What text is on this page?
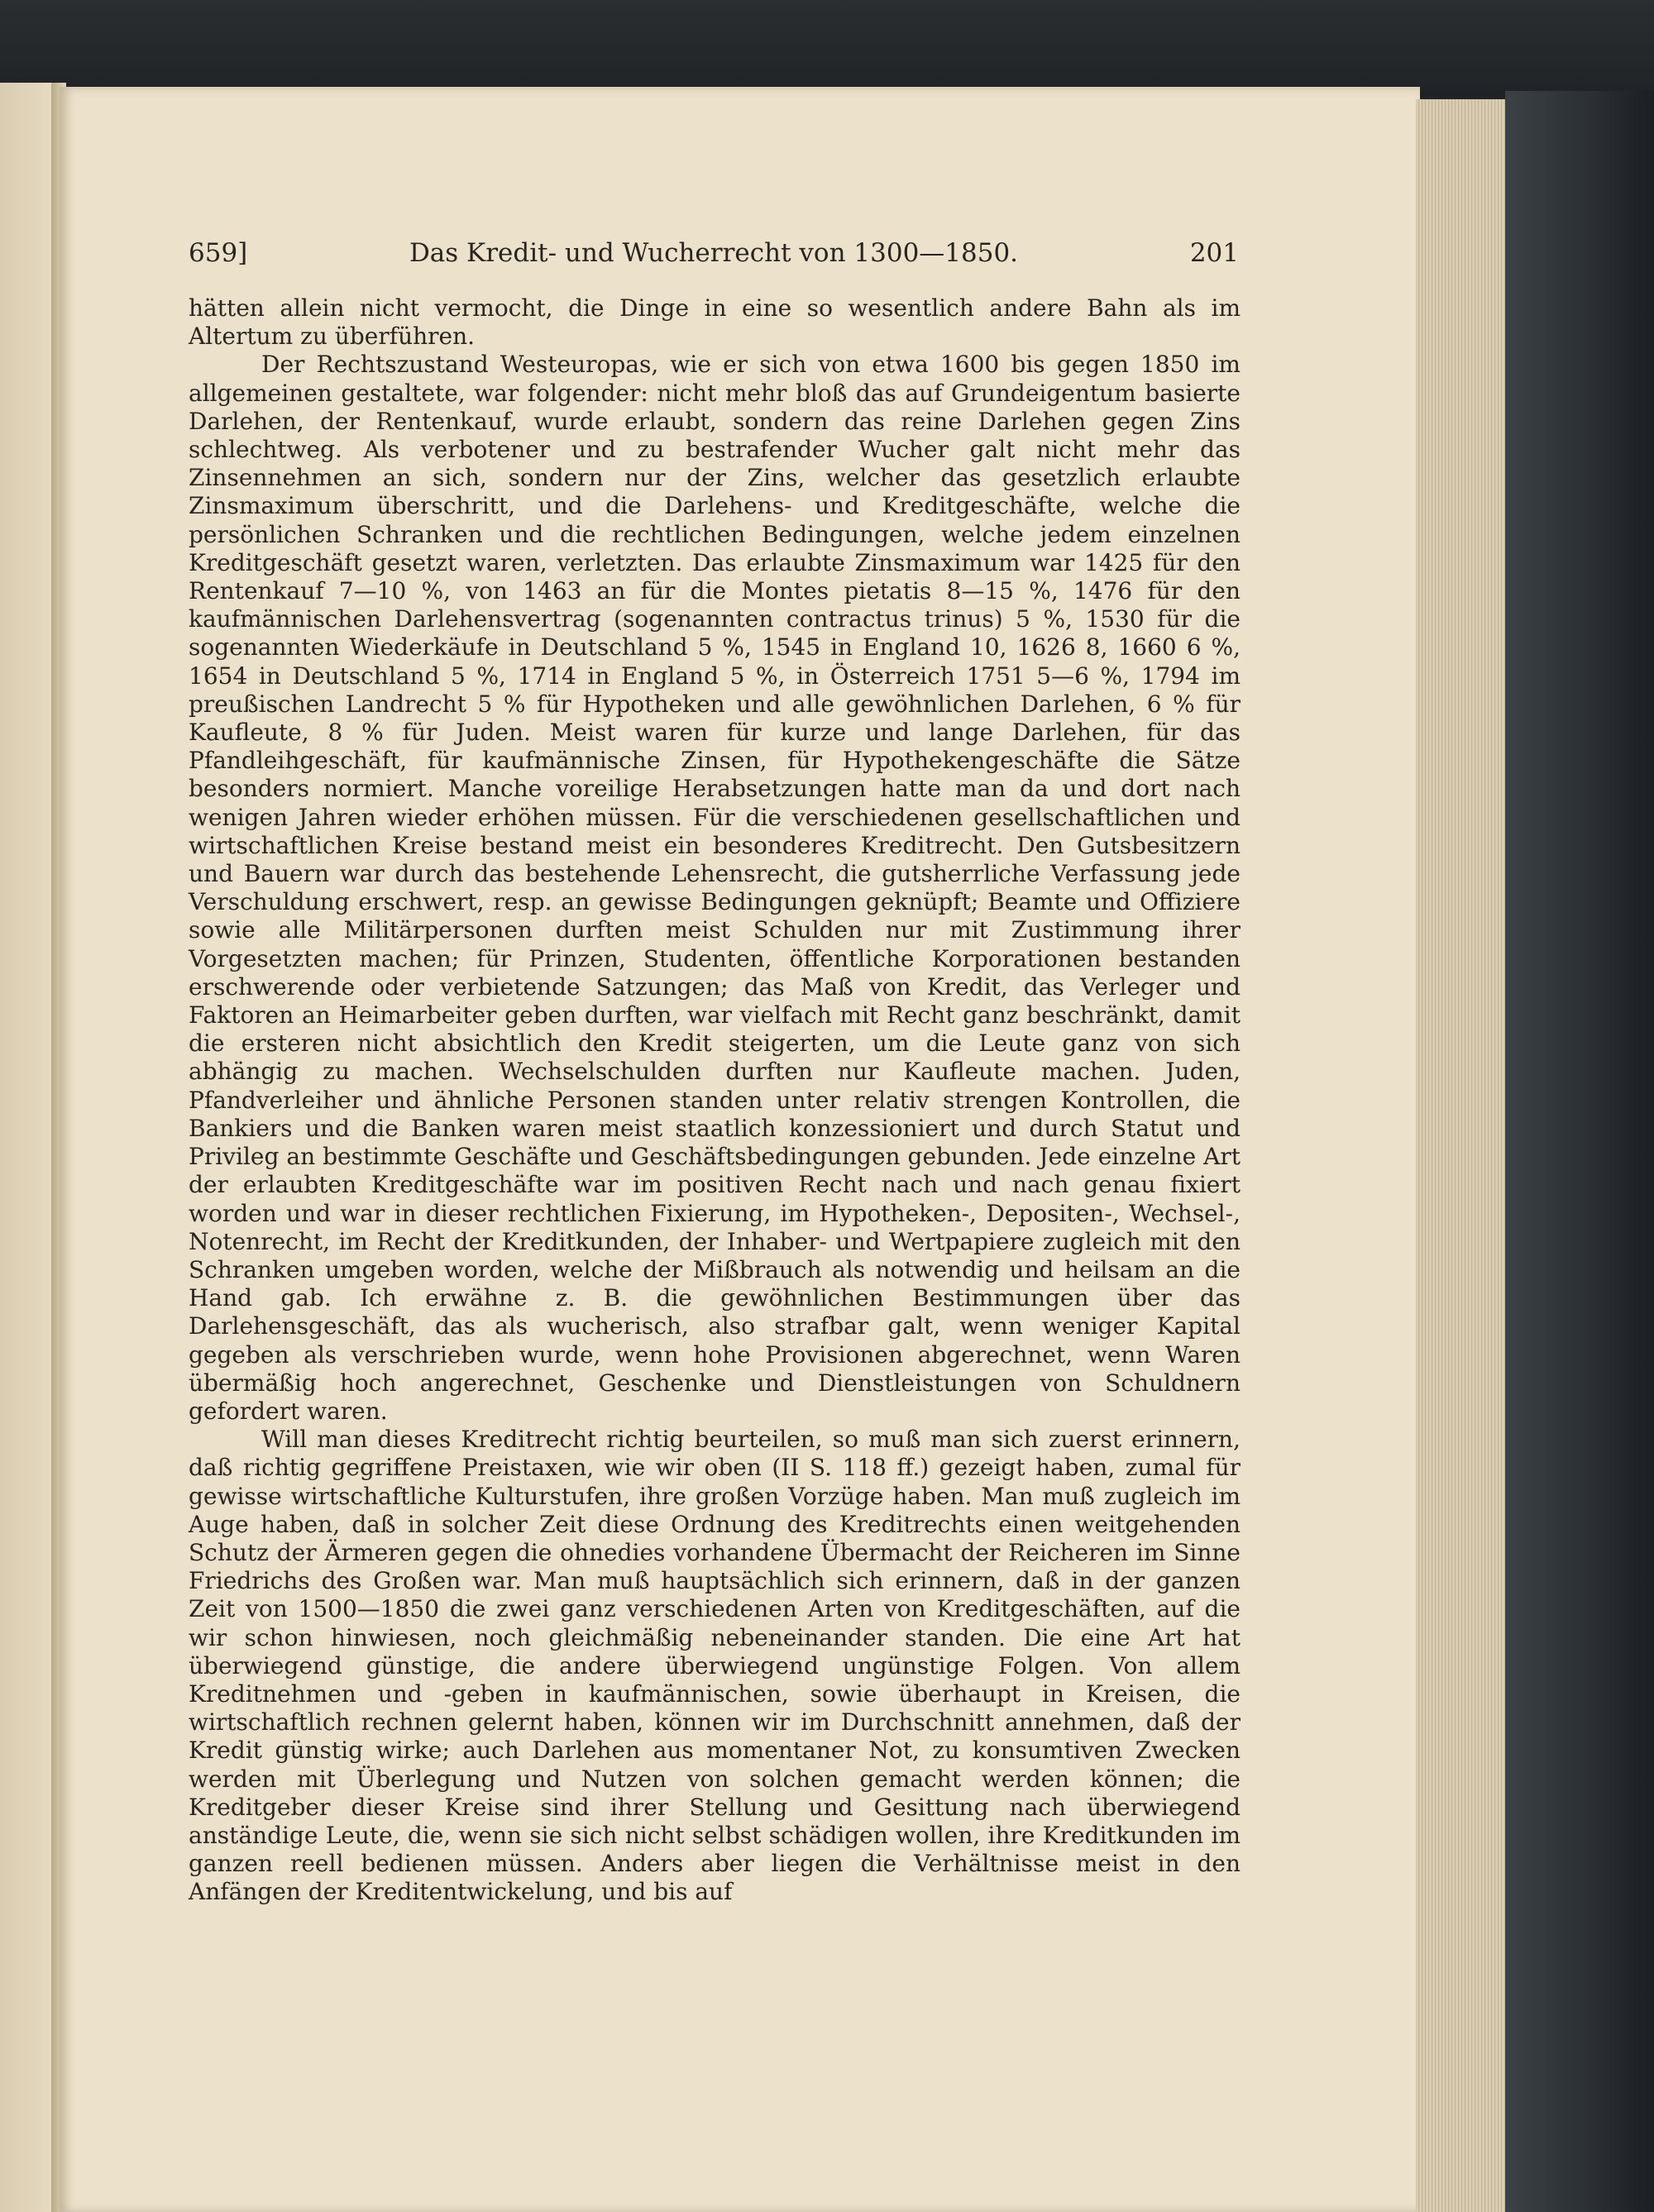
659]	Das Kredit- und Wucherrecht von 1300—1850.	201

hätten allein nicht vermocht, die Dinge in eine so wesentlich andere Bahn als im Altertum zu überführen.

Der Rechtszustand Westeuropas, wie er sich von etwa 1600 bis gegen 1850 im allgemeinen gestaltete, war folgender: nicht mehr bloß das auf Grundeigentum basierte Darlehen, der Rentenkauf, wurde erlaubt, sondern das reine Darlehen gegen Zins schlechtweg. Als verbotener und zu bestrafender Wucher galt nicht mehr das Zinsennehmen an sich, sondern nur der Zins, welcher das gesetzlich erlaubte Zinsmaximum überschritt, und die Darlehens- und Kreditgeschäfte, welche die persönlichen Schranken und die rechtlichen Bedingungen, welche jedem einzelnen Kreditgeschäft gesetzt waren, verletzten. Das erlaubte Zinsmaximum war 1425 für den Rentenkauf 7—10 %, von 1463 an für die Montes pietatis 8—15 %, 1476 für den kaufmännischen Darlehensvertrag (sogenannten contractus trinus) 5 %, 1530 für die sogenannten Wiederkäufe in Deutschland 5 %, 1545 in England 10, 1626 8, 1660 6 %, 1654 in Deutschland 5 %, 1714 in England 5 %, in Österreich 1751 5—6 %, 1794 im preußischen Landrecht 5 % für Hypotheken und alle gewöhnlichen Darlehen, 6 % für Kaufleute, 8 % für Juden. Meist waren für kurze und lange Darlehen, für das Pfandleihgeschäft, für kaufmännische Zinsen, für Hypothekengeschäfte die Sätze besonders normiert. Manche voreilige Herabsetzungen hatte man da und dort nach wenigen Jahren wieder erhöhen müssen. Für die verschiedenen gesellschaftlichen und wirtschaftlichen Kreise bestand meist ein besonderes Kreditrecht. Den Gutsbesitzern und Bauern war durch das bestehende Lehensrecht, die gutsherrliche Verfassung jede Verschuldung erschwert, resp. an gewisse Bedingungen geknüpft; Beamte und Offiziere sowie alle Militärpersonen durften meist Schulden nur mit Zustimmung ihrer Vorgesetzten machen; für Prinzen, Studenten, öffentliche Korporationen bestanden erschwerende oder verbietende Satzungen; das Maß von Kredit, das Verleger und Faktoren an Heimarbeiter geben durften, war vielfach mit Recht ganz beschränkt, damit die ersteren nicht absichtlich den Kredit steigerten, um die Leute ganz von sich abhängig zu machen. Wechselschulden durften nur Kaufleute machen. Juden, Pfandverleiher und ähnliche Personen standen unter relativ strengen Kontrollen, die Bankiers und die Banken waren meist staatlich konzessioniert und durch Statut und Privileg an bestimmte Geschäfte und Geschäftsbedingungen gebunden. Jede einzelne Art der erlaubten Kreditgeschäfte war im positiven Recht nach und nach genau fixiert worden und war in dieser rechtlichen Fixierung, im Hypotheken-, Depositen-, Wechsel-, Notenrecht, im Recht der Kreditkunden, der Inhaber- und Wertpapiere zugleich mit den Schranken umgeben worden, welche der Mißbrauch als notwendig und heilsam an die Hand gab. Ich erwähne z. B. die gewöhnlichen Bestimmungen über das Darlehensgeschäft, das als wucherisch, also strafbar galt, wenn weniger Kapital gegeben als verschrieben wurde, wenn hohe Provisionen abgerechnet, wenn Waren übermäßig hoch angerechnet, Geschenke und Dienstleistungen von Schuldnern gefordert waren.

Will man dieses Kreditrecht richtig beurteilen, so muß man sich zuerst erinnern, daß richtig gegriffene Preistaxen, wie wir oben (II S. 118 ff.) gezeigt haben, zumal für gewisse wirtschaftliche Kulturstufen, ihre großen Vorzüge haben. Man muß zugleich im Auge haben, daß in solcher Zeit diese Ordnung des Kreditrechts einen weitgehenden Schutz der Ärmeren gegen die ohnedies vorhandene Übermacht der Reicheren im Sinne Friedrichs des Großen war. Man muß hauptsächlich sich erinnern, daß in der ganzen Zeit von 1500—1850 die zwei ganz verschiedenen Arten von Kreditgeschäften, auf die wir schon hinwiesen, noch gleichmäßig nebeneinander standen. Die eine Art hat überwiegend günstige, die andere überwiegend ungünstige Folgen. Von allem Kreditnehmen und -geben in kaufmännischen, sowie überhaupt in Kreisen, die wirtschaftlich rechnen gelernt haben, können wir im Durchschnitt annehmen, daß der Kredit günstig wirke; auch Darlehen aus momentaner Not, zu konsumtiven Zwecken werden mit Überlegung und Nutzen von solchen gemacht werden können; die Kreditgeber dieser Kreise sind ihrer Stellung und Gesittung nach überwiegend anständige Leute, die, wenn sie sich nicht selbst schädigen wollen, ihre Kreditkunden im ganzen reell bedienen müssen. Anders aber liegen die Verhältnisse meist in den Anfängen der Kreditentwickelung, und bis auf
